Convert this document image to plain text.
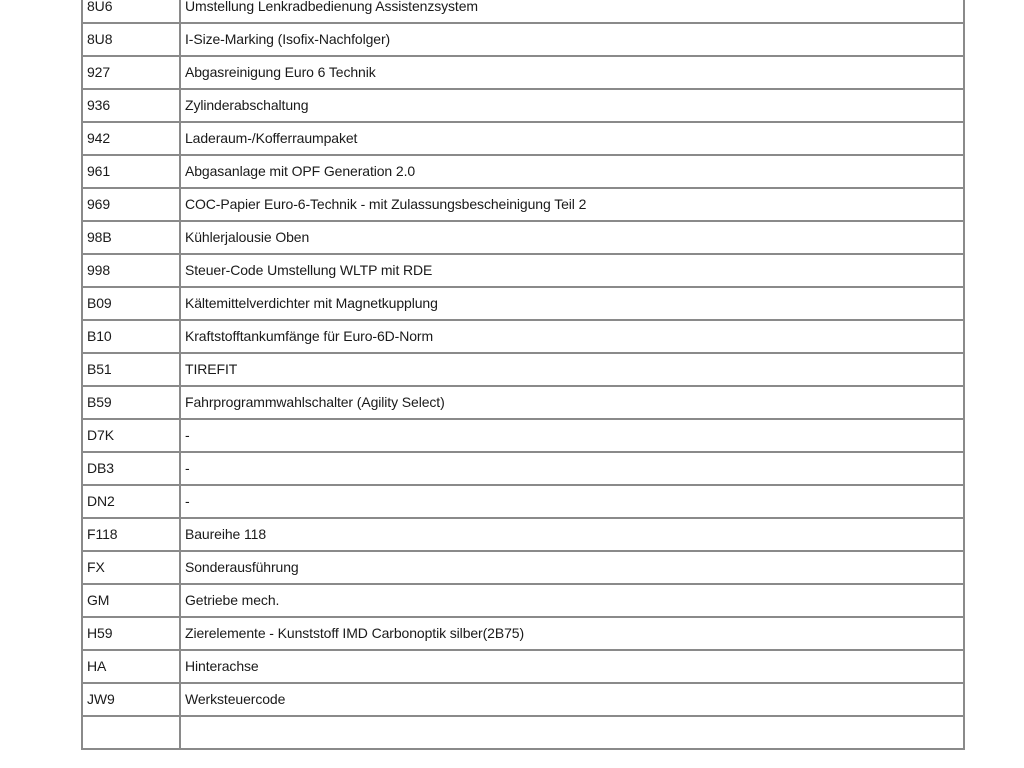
8U6	Umstellung Lenkradbedienung Assistenzsystem
8U8	I-Size-Marking (Isofix-Nachfolger)
927	Abgasreinigung Euro 6 Technik
936	Zylinderabschaltung
942	Laderaum-/Kofferraumpaket
961	Abgasanlage mit OPF Generation 2.0
969	COC-Papier Euro-6-Technik - mit Zulassungsbescheinigung Teil 2
98B	Kühlerjalousie Oben
998	Steuer-Code Umstellung WLTP mit RDE
B09	Kältemittelverdichter mit Magnetkupplung
B10	Kraftstofftankumfänge für Euro-6D-Norm
B51	TIREFIT
B59	Fahrprogrammwahlschalter (Agility Select)
D7K	-
DB3	-
DN2	-
F118	Baureihe 118
FX	Sonderausführung
GM	Getriebe mech.
H59	Zierelemente - Kunststoff IMD Carbonoptik silber(2B75)
HA	Hinterachse
JW9	Werksteuercode
